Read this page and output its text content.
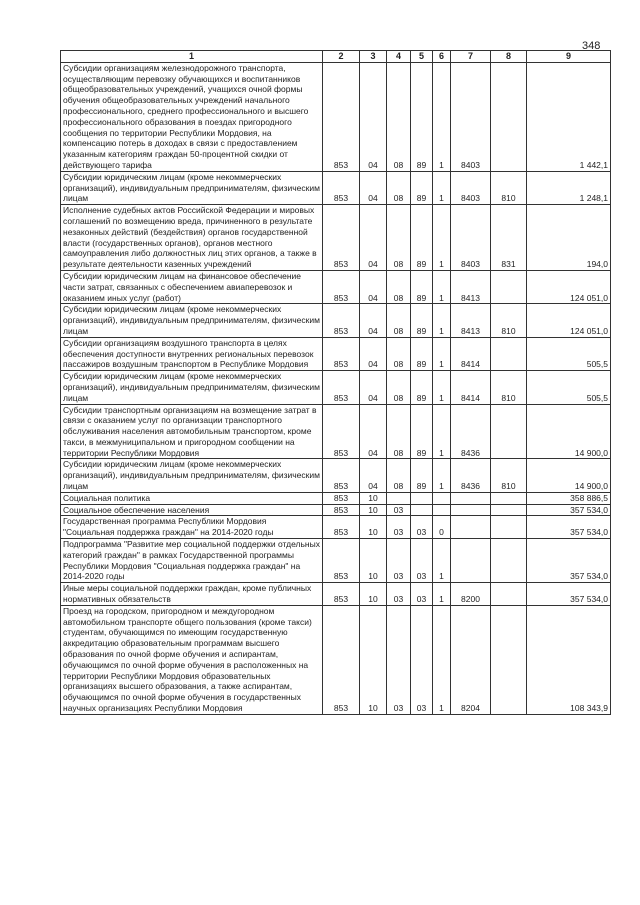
348
1	2	3	4	5	6	7	8	9
Субсидии организациям железнодорожного транспорта, осуществляющим перевозку обучающихся и воспитанников общеобразовательных учреждений, учащихся очной формы обучения общеобразовательных учреждений начального профессионального, среднего профессионального и высшего профессионального образования в поездах пригородного сообщения по территории Республики Мордовия, на компенсацию потерь в доходах в связи с предоставлением указанным категориям граждан 50-процентной скидки от действующего тарифа	853	04	08	89	1	8403		1 442,1
Субсидии юридическим лицам (кроме некоммерческих организаций), индивидуальным предпринимателям, физическим лицам	853	04	08	89	1	8403	810	1 248,1
Исполнение судебных актов Российской Федерации и мировых соглашений по возмещению вреда, причиненного в результате незаконных действий (бездействия) органов государственной власти (государственных органов), органов местного самоуправления либо должностных лиц этих органов, а также в результате деятельности казенных учреждений	853	04	08	89	1	8403	831	194,0
Субсидии юридическим лицам на финансовое обеспечение части затрат, связанных с обеспечением авиаперевозок и оказанием иных услуг (работ)	853	04	08	89	1	8413		124 051,0
Субсидии юридическим лицам (кроме некоммерческих организаций), индивидуальным предпринимателям, физическим лицам	853	04	08	89	1	8413	810	124 051,0
Субсидии организациям воздушного транспорта в целях обеспечения доступности внутренних региональных перевозок пассажиров воздушным транспортом в Республике Мордовия	853	04	08	89	1	8414		505,5
Субсидии юридическим лицам (кроме некоммерческих организаций), индивидуальным предпринимателям, физическим лицам	853	04	08	89	1	8414	810	505,5
Субсидии транспортным организациям на возмещение затрат в связи с оказанием услуг по организации транспортного обслуживания населения автомобильным транспортом, кроме такси, в межмуниципальном и пригородном сообщении на территории Республики Мордовия	853	04	08	89	1	8436		14 900,0
Субсидии юридическим лицам (кроме некоммерческих организаций), индивидуальным предпринимателям, физическим лицам	853	04	08	89	1	8436	810	14 900,0
Социальная политика	853	10						358 886,5
Социальное обеспечение населения	853	10	03					357 534,0
Государственная программа Республики Мордовия "Социальная поддержка граждан" на 2014-2020 годы	853	10	03	03	0			357 534,0
Подпрограмма "Развитие мер социальной поддержки отдельных категорий граждан" в рамках Государственной программы Республики Мордовия "Социальная поддержка граждан" на 2014-2020 годы	853	10	03	03	1			357 534,0
Иные меры социальной поддержки граждан, кроме публичных нормативных обязательств	853	10	03	03	1	8200		357 534,0
Проезд на городском, пригородном и междугородном автомобильном транспорте общего пользования (кроме такси) студентам, обучающимся по имеющим государственную аккредитацию образовательным программам высшего образования по очной форме обучения и аспирантам, обучающимся по очной форме обучения в расположенных на территории Республики Мордовия образовательных организациях высшего образования, а также аспирантам, обучающимся по очной форме обучения в государственных научных организациях Республики Мордовия	853	10	03	03	1	8204		108 343,9
